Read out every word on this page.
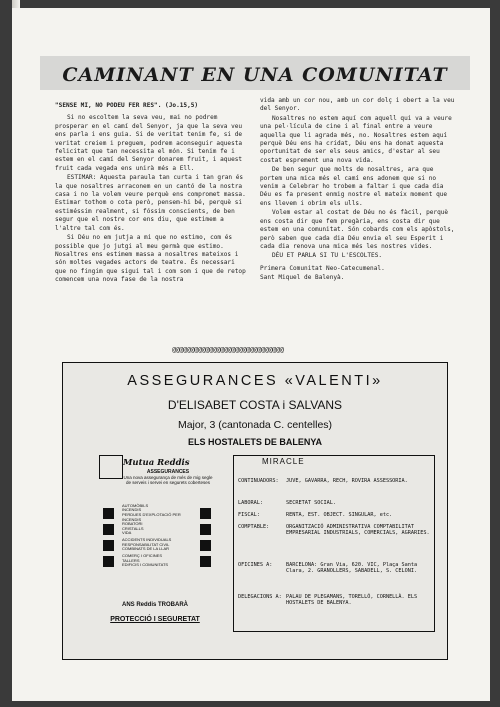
CAMINANT EN UNA COMUNITAT

"SENSE MI, NO PODEU FER RES". (Jo.15,5)

Si no escoltem la seva veu, mai no podrem prosperar en el camí del Senyor, ja que la seva veu ens parla i ens guia. Si de veritat tenim fe, si de veritat creiem i preguem, podrem aconseguir aquesta felicitat que tan necessita el món. Si tenim fe i estem en el camí del Senyor donarem fruit, i aquest fruit cada vegada ens unirà més a Ell.

ESTIMAR: Aquesta paraula tan curta i tan gran és la que nosaltres arraconem en un cantó de la nostra casa i no la volem veure perquè ens compromet massa. Estimar tothom o cota però, pensem-hi bé, perquè si estiméssim realment, si fóssim conscients, de ben segur que el nostre cor ens diu, que estimem a l'altre tal com és.

Si Déu no em jutja a mi que no estimo, com és possible que jo jutgi al meu germà que estimo. Nosaltres ens estimem massa a nosaltres mateixos i són moltes vegades actors de teatre. És necessari que no fingim que sigui tal i com som i que de retop comencem una nova fase de la nostra

vida amb un cor nou, amb un cor dolç i obert a la veu del Senyor.

Nosaltres no estem aquí com aquell qui va a veure una pel·lícula de cine i al final entre a veure aquella que li agrada més, no. Nosaltres estem aquí perquè Déu ens ha cridat, Déu ens ha donat aquesta oportunitat de ser els seus amics, d'estar al seu costat esprement una nova vida.

De ben segur que molts de nosaltres, ara que portem una mica més el camí ens adonem que si no venim a Celebrar ho trobem a faltar i que cada dia Déu es fa present enmig nostre el mateix moment que ens llevem i obrim els ulls.

Volem estar al costat de Déu no és fàcil, perquè ens costa dir que fem pregària, ens costa dir que estem en una comunitat. Són cobards com els apòstols, però saben que cada dia Déu envia el seu Esperit i cada dia renova una mica més les nostres vides.

DÉU ET PARLA SI TU L'ESCOLTES.

Primera Comunitat Neo-Catecumenal.

Sant Miquel de Balenyà.

@@@@@@@@@@@@@@@@@@@@@@@@@@@@@@
ASSEGURANCES «VALENTI»
D'ELISABET COSTA i SALVANS
Major, 3 (cantonada C. centelles)
ELS HOSTALETS DE BALENYA
Mutua Reddis
ASSEGURANCES
Una nova assegurança de més de mig segle de serveis i servei en segurets coberteses
AUTOMÒBILS
INCENDIS
PERDUES D'EXPLOTACIÓ PER INCENDIS
ROBATORI
CRISTALLS
VIDA
ACCIDENTS INDIVIDUALS
RESPONSABILITAT CIVIL
COMBINATS DE LA LLAR
COMERÇ I OFICINES
TALLERS
EDIFICIS I COMUNITATS
ANS Reddis TROBARÀ
PROTECCIÓ I SEGURETAT
MIRACLE
CONTINUADORS:	JUVE, GAVARRA, RECH, ROVIRA ASSESSORIA.
LABORAL:	SECRETAT SOCIAL.
FISCAL:	RENTA, EST. OBJECT. SINGULAR, etc.
COMPTABLE:	ORGANITZACIÓ ADMINISTRATIVA COMPTABILITAT EMPRESARIAL INDUSTRIALS, COMERCIALS, AGRARIES.
OFICINES A:	BARCELONA: Gran Via, 620. VIC, Plaça Santa Clara, 2. GRANOLLERS, SABADELL, S. CELONI.
DELEGACIONS A: PALAU DE PLEGAMANS, TORELLÓ, CORNELLÀ. ELS HOSTALETS DE BALENYA.
